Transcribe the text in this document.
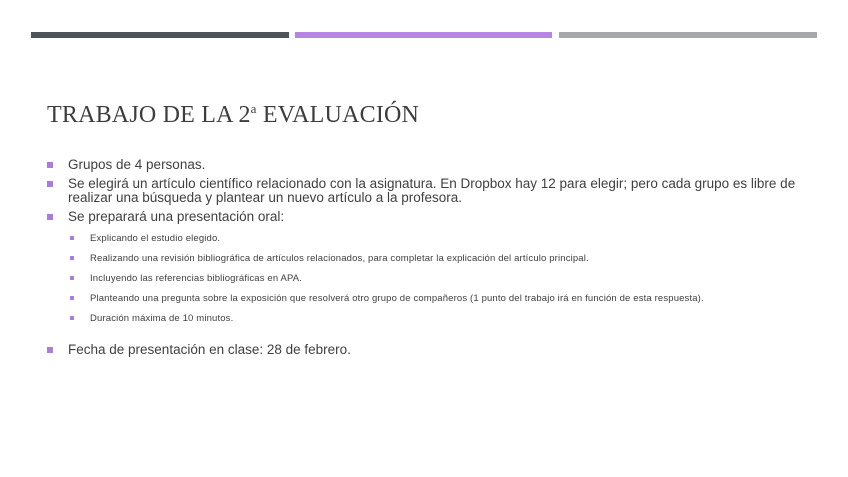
TRABAJO DE LA 2$^a$ EVALUACIÓN
Grupos de 4 personas.
Se elegirá un artículo científico relacionado con la asignatura. En Dropbox hay 12 para elegir; pero cada grupo es libre de realizar una búsqueda y plantear un nuevo artículo a la profesora.
Se preparará una presentación oral:
Explicando el estudio elegido.
Realizando una revisión bibliográfica de artículos relacionados, para completar la explicación del artículo principal.
Incluyendo las referencias bibliográficas en APA.
Planteando una pregunta sobre la exposición que resolverá otro grupo de compañeros (1 punto del trabajo irá en función de esta respuesta).
Duración máxima de 10 minutos.
Fecha de presentación en clase: 28 de febrero.
